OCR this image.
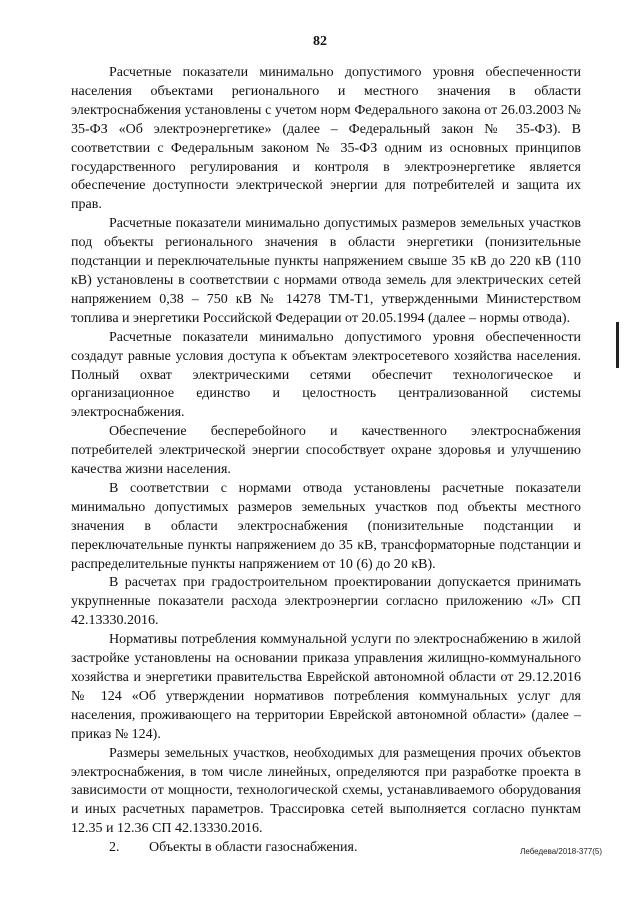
82

Расчетные показатели минимально допустимого уровня обеспеченности населения объектами регионального и местного значения в области электроснабжения установлены с учетом норм Федерального закона от 26.03.2003 № 35-ФЗ «Об электроэнергетике» (далее – Федеральный закон № 35-ФЗ). В соответствии с Федеральным законом № 35-ФЗ одним из основных принципов государственного регулирования и контроля в электроэнергетике является обеспечение доступности электрической энергии для потребителей и защита их прав.

Расчетные показатели минимально допустимых размеров земельных участков под объекты регионального значения в области энергетики (понизительные подстанции и переключательные пункты напряжением свыше 35 кВ до 220 кВ (110 кВ) установлены в соответствии с нормами отвода земель для электрических сетей напряжением 0,38 – 750 кВ № 14278 ТМ-Т1, утвержденными Министерством топлива и энергетики Российской Федерации от 20.05.1994 (далее – нормы отвода).

Расчетные показатели минимально допустимого уровня обеспеченности создадут равные условия доступа к объектам электросетевого хозяйства населения. Полный охват электрическими сетями обеспечит технологическое и организационное единство и целостность централизованной системы электроснабжения.

Обеспечение бесперебойного и качественного электроснабжения потребителей электрической энергии способствует охране здоровья и улучшению качества жизни населения.

В соответствии с нормами отвода установлены расчетные показатели минимально допустимых размеров земельных участков под объекты местного значения в области электроснабжения (понизительные подстанции и переключательные пункты напряжением до 35 кВ, трансформаторные подстанции и распределительные пункты напряжением от 10 (6) до 20 кВ).

В расчетах при градостроительном проектировании допускается принимать укрупненные показатели расхода электроэнергии согласно приложению «Л» СП 42.13330.2016.

Нормативы потребления коммунальной услуги по электроснабжению в жилой застройке установлены на основании приказа управления жилищно-коммунального хозяйства и энергетики правительства Еврейской автономной области от 29.12.2016 № 124 «Об утверждении нормативов потребления коммунальных услуг для населения, проживающего на территории Еврейской автономной области» (далее – приказ № 124).

Размеры земельных участков, необходимых для размещения прочих объектов электроснабжения, в том числе линейных, определяются при разработке проекта в зависимости от мощности, технологической схемы, устанавливаемого оборудования и иных расчетных параметров. Трассировка сетей выполняется согласно пунктам 12.35 и 12.36 СП 42.13330.2016.

2. Объекты в области газоснабжения.	Лебедева/2018-377(5)
